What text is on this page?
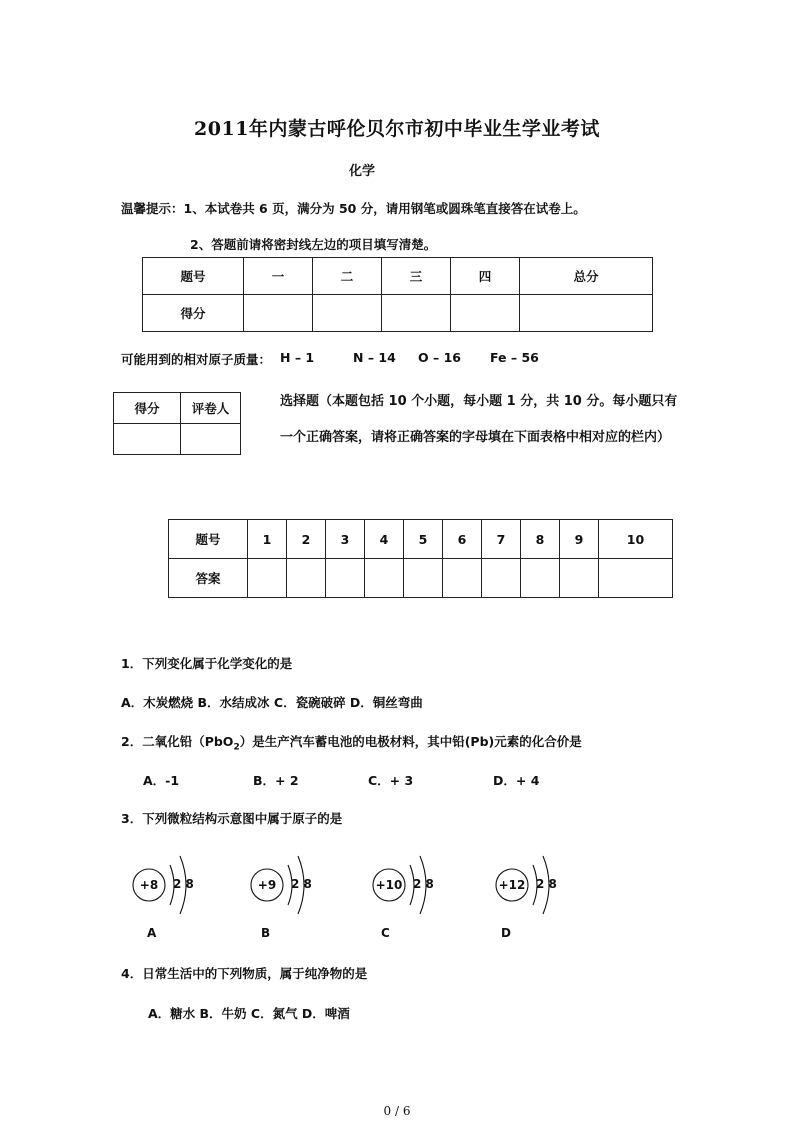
2011年内蒙古呼伦贝尔市初中毕业生学业考试
化学
温馨提示：1、本试卷共 6 页，满分为 50 分，请用钢笔或圆珠笔直接答在试卷上。
2、答题前请将密封线左边的项目填写清楚。
题号	一	二	三	四	总分
得分					
可能用到的相对原子质量： H – 1	N – 14 O – 16 Fe – 56
得分	评卷人
		选择题（本题包括 10 个小题，每小题 1 分，共 10 分。每小题只有一个正确答案，请将正确答案的字母填在下面表格中相对应的栏内）
题号	1	2	3	4	5	6	7	8	9	10
答案										
1．下列变化属于化学变化的是
A．木炭燃烧 B．水结成冰 C．瓷碗破碎 D．铜丝弯曲
2．二氧化铅（PbO$_2$）是生产汽车蓄电池的电极材料，其中铅(Pb)元素的化合价是
A．-1	B．+ 2	C．+ 3	D．+ 4
3．下列微粒结构示意图中属于原子的是
+8	2 8
A
+9	2 8
B
+10 2 8
C
+12 2 8
D
4．日常生活中的下列物质，属于纯净物的是
A．糖水 B．牛奶 C．氮气 D．啤酒
0 / 6
